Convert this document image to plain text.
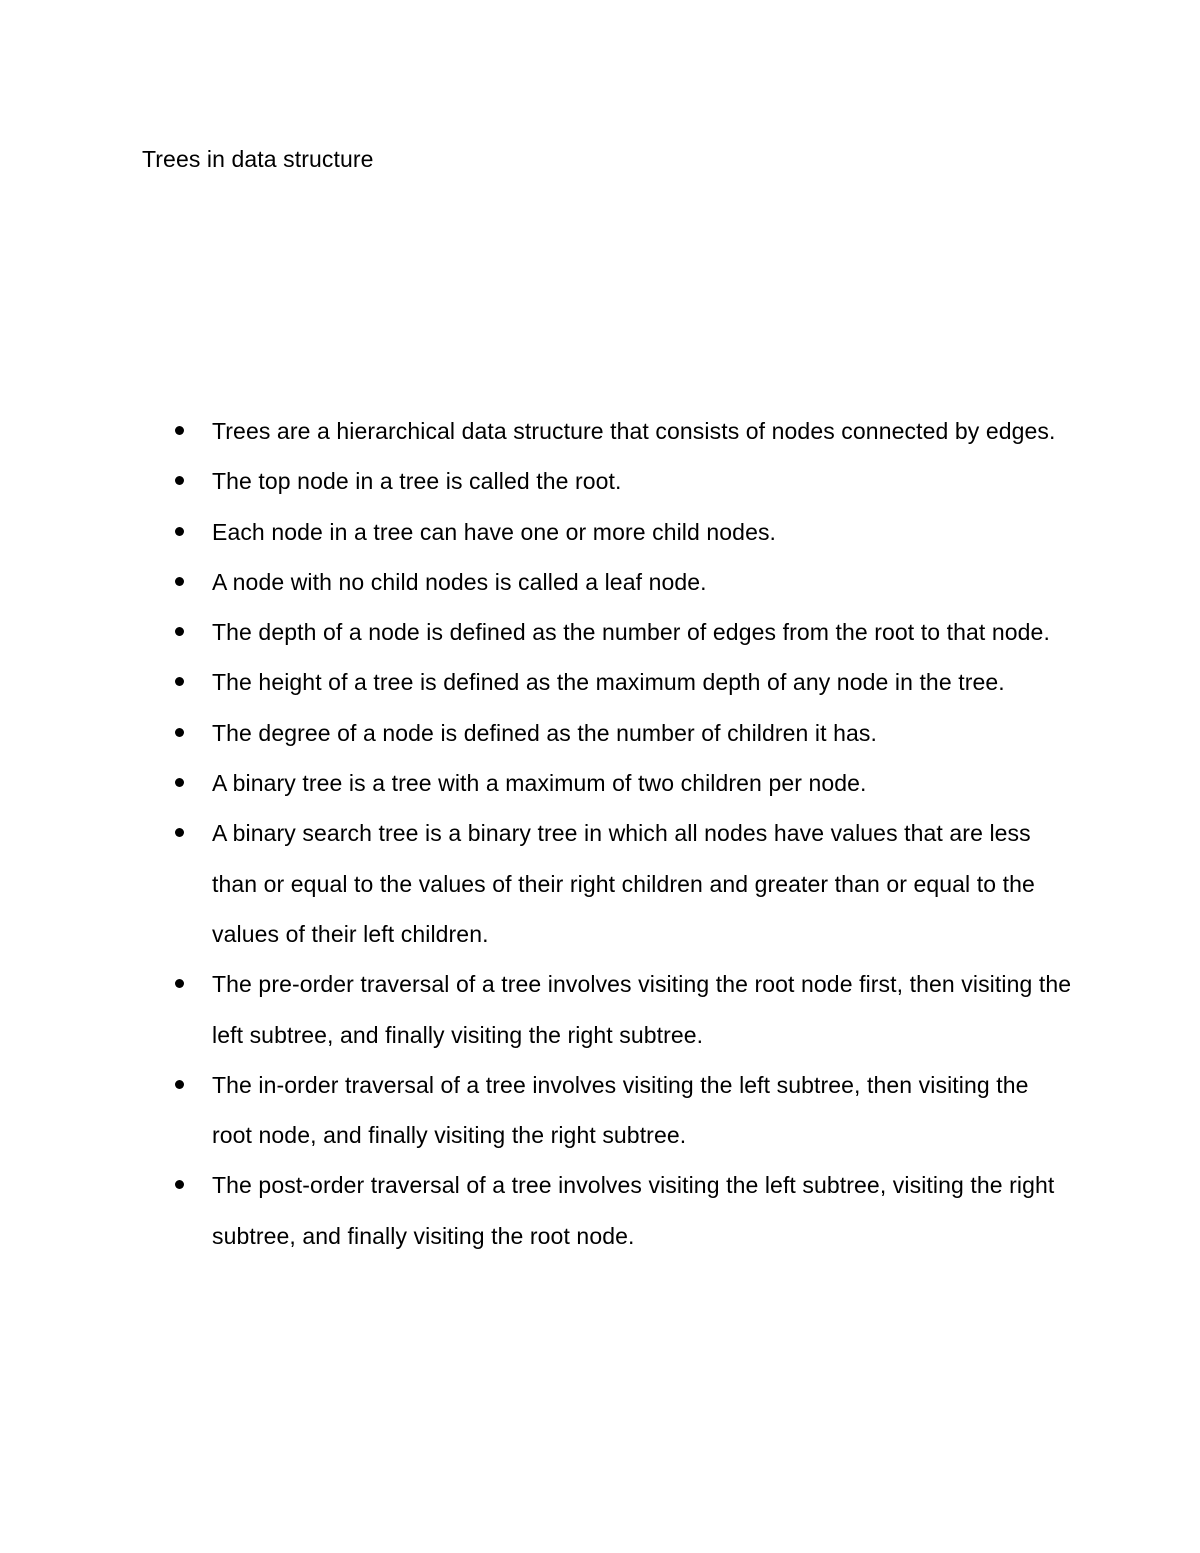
Trees in data structure
Trees are a hierarchical data structure that consists of nodes connected by edges.
The top node in a tree is called the root.
Each node in a tree can have one or more child nodes.
A node with no child nodes is called a leaf node.
The depth of a node is defined as the number of edges from the root to that node.
The height of a tree is defined as the maximum depth of any node in the tree.
The degree of a node is defined as the number of children it has.
A binary tree is a tree with a maximum of two children per node.
A binary search tree is a binary tree in which all nodes have values that are less than or equal to the values of their right children and greater than or equal to the values of their left children.
The pre-order traversal of a tree involves visiting the root node first, then visiting the left subtree, and finally visiting the right subtree.
The in-order traversal of a tree involves visiting the left subtree, then visiting the root node, and finally visiting the right subtree.
The post-order traversal of a tree involves visiting the left subtree, visiting the right subtree, and finally visiting the root node.
